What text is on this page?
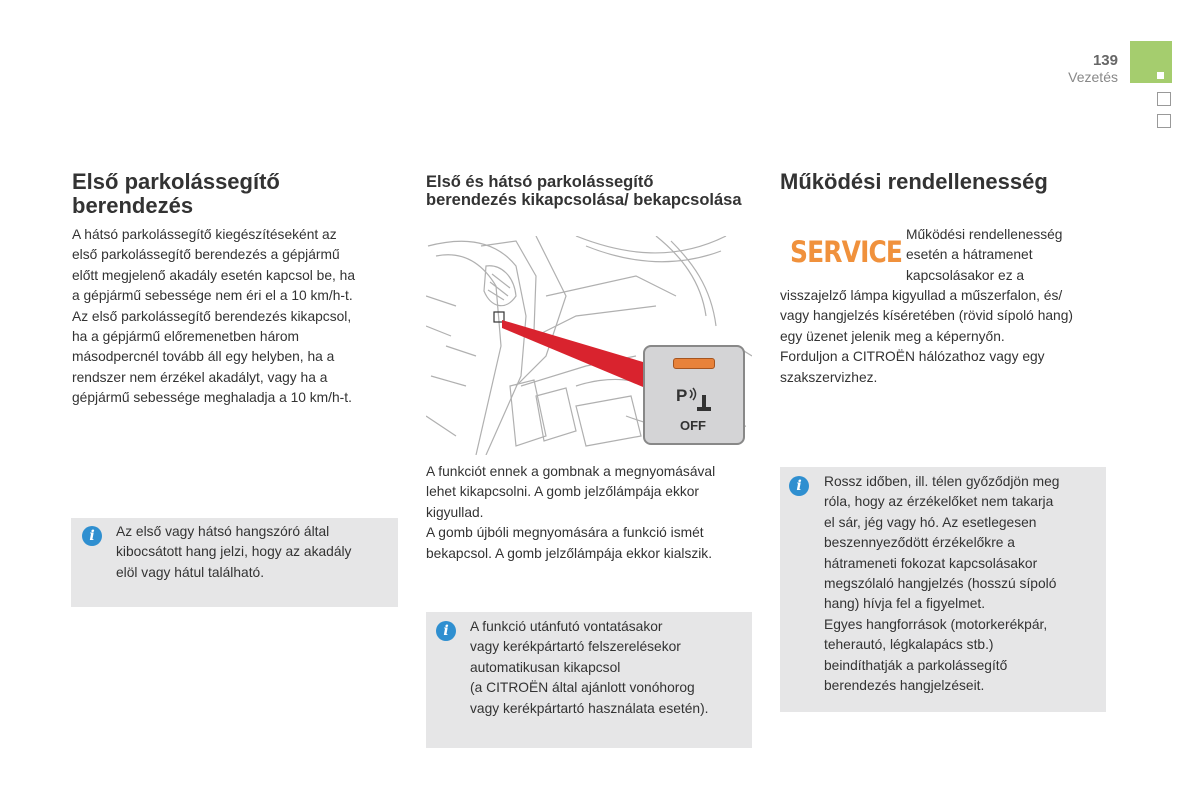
139
Vezetés
Első parkolássegítő berendezés
A hátsó parkolássegítő kiegészítéseként az
első parkolássegítő berendezés a gépjármű
előtt megjelenő akadály esetén kapcsol be, ha
a gépjármű sebessége nem éri el a 10 km/h-t.
Az első parkolássegítő berendezés kikapcsol,
ha a gépjármű előremenetben három
másodpercnél tovább áll egy helyben, ha a
rendszer nem érzékel akadályt, vagy ha a
gépjármű sebessége meghaladja a 10 km/h-t.
i	Az első vagy hátsó hangszóró által
kibocsátott hang jelzi, hogy az akadály
elöl vagy hátul található.
Első és hátsó parkolássegítő berendezés kikapcsolása/ bekapcsolása
P
OFF
A funkciót ennek a gombnak a megnyomásával
lehet kikapcsolni. A gomb jelzőlámpája ekkor
kigyullad.
A gomb újbóli megnyomására a funkció ismét
bekapcsol. A gomb jelzőlámpája ekkor kialszik.
i	A funkció utánfutó vontatásakor
vagy kerékpártartó felszerelésekor
automatikusan kikapcsol
(a CITROËN által ajánlott vonóhorog
vagy kerékpártartó használata esetén).
Működési rendellenesség
SERVICE
Működési rendellenesség
esetén a hátramenet
kapcsolásakor ez a
visszajelző lámpa kigyullad a műszerfalon, és/
vagy hangjelzés kíséretében (rövid sípoló hang)
egy üzenet jelenik meg a képernyőn.
Forduljon a CITROËN hálózathoz vagy egy
szakszervizhez.
i	Rossz időben, ill. télen győződjön meg
róla, hogy az érzékelőket nem takarja
el sár, jég vagy hó. Az esetlegesen
beszennyeződött érzékelőkre a
hátrameneti fokozat kapcsolásakor
megszólaló hangjelzés (hosszú sípoló
hang) hívja fel a figyelmet.
Egyes hangforrások (motorkerékpár,
teherautó, légkalapács stb.)
beindíthatják a parkolássegítő
berendezés hangjelzéseit.
